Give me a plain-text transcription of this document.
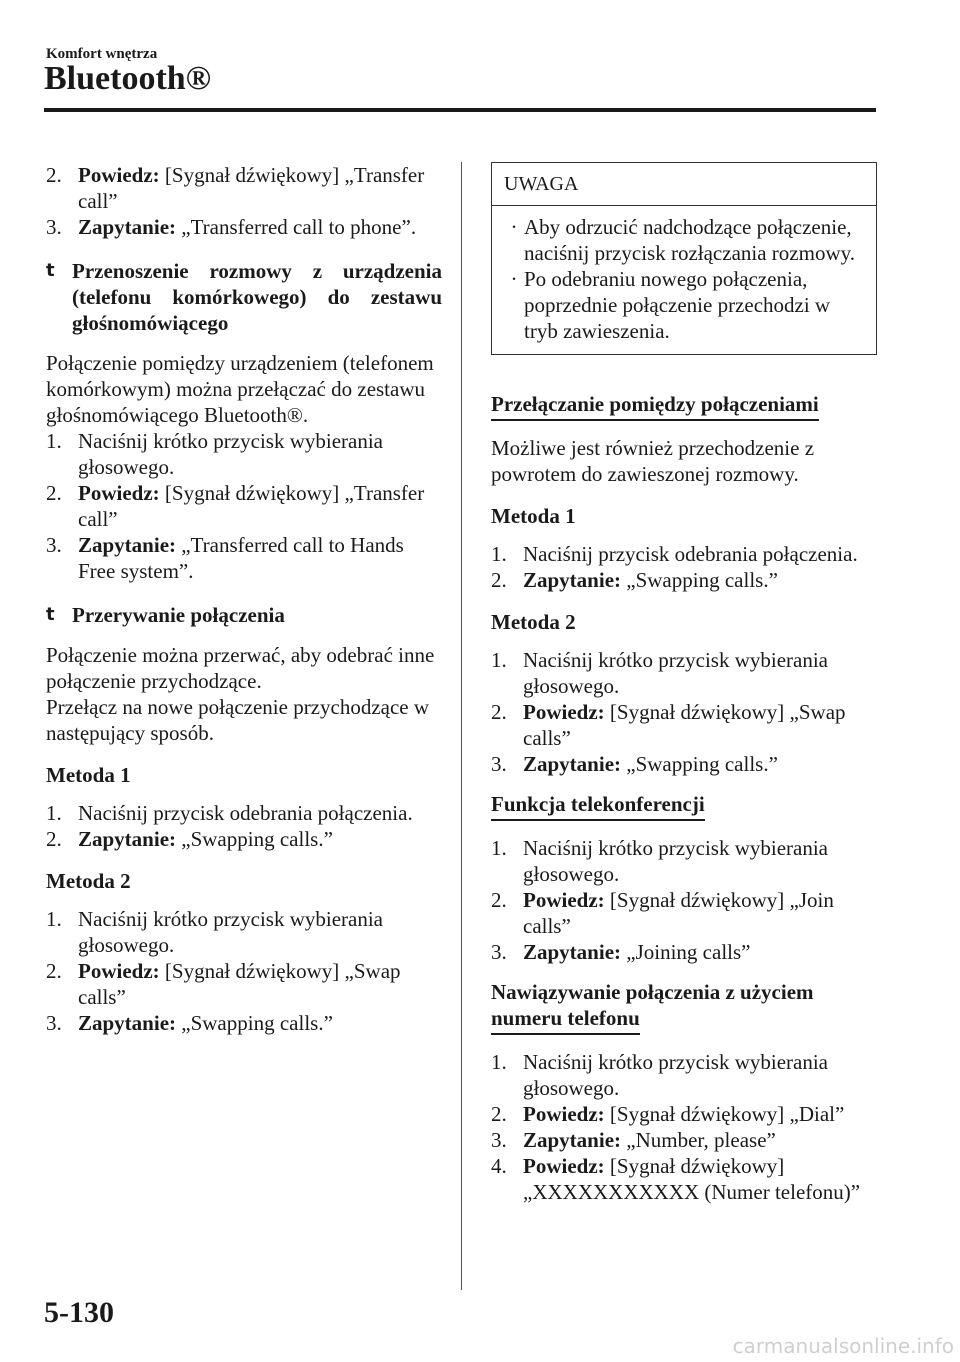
Komfort wnętrza
Bluetooth®
2. Powiedz: [Sygnał dźwiękowy] „Transfer call”
3. Zapytanie: „Transferred call to phone”.
t Przenoszenie rozmowy z urządzenia (telefonu komórkowego) do zestawu głośnomówiącego
Połączenie pomiędzy urządzeniem (telefonem komórkowym) można przełączać do zestawu głośnomówiącego Bluetooth®.
1. Naciśnij krótko przycisk wybierania głosowego.
2. Powiedz: [Sygnał dźwiękowy] „Transfer call”
3. Zapytanie: „Transferred call to Hands Free system”.
t Przerywanie połączenia
Połączenie można przerwać, aby odebrać inne połączenie przychodzące.
Przełącz na nowe połączenie przychodzące w następujący sposób.
Metoda 1
1. Naciśnij przycisk odebrania połączenia.
2. Zapytanie: „Swapping calls.”
Metoda 2
1. Naciśnij krótko przycisk wybierania głosowego.
2. Powiedz: [Sygnał dźwiękowy] „Swap calls”
3. Zapytanie: „Swapping calls.”
UWAGA
· Aby odrzucić nadchodzące połączenie, naciśnij przycisk rozłączania rozmowy.
· Po odebraniu nowego połączenia, poprzednie połączenie przechodzi w tryb zawieszenia.
Przełączanie pomiędzy połączeniami
Możliwe jest również przechodzenie z powrotem do zawieszonej rozmowy.
Metoda 1
1. Naciśnij przycisk odebrania połączenia.
2. Zapytanie: „Swapping calls.”
Metoda 2
1. Naciśnij krótko przycisk wybierania głosowego.
2. Powiedz: [Sygnał dźwiękowy] „Swap calls”
3. Zapytanie: „Swapping calls.”
Funkcja telekonferencji
1. Naciśnij krótko przycisk wybierania głosowego.
2. Powiedz: [Sygnał dźwiękowy] „Join calls”
3. Zapytanie: „Joining calls”
Nawiązywanie połączenia z użyciem
numeru telefonu
1. Naciśnij krótko przycisk wybierania głosowego.
2. Powiedz: [Sygnał dźwiękowy] „Dial”
3. Zapytanie: „Number, please”
4. Powiedz: [Sygnał dźwiękowy] „XXXXXXXXXXX (Numer telefonu)”
5-130
carmanualsonline.info
